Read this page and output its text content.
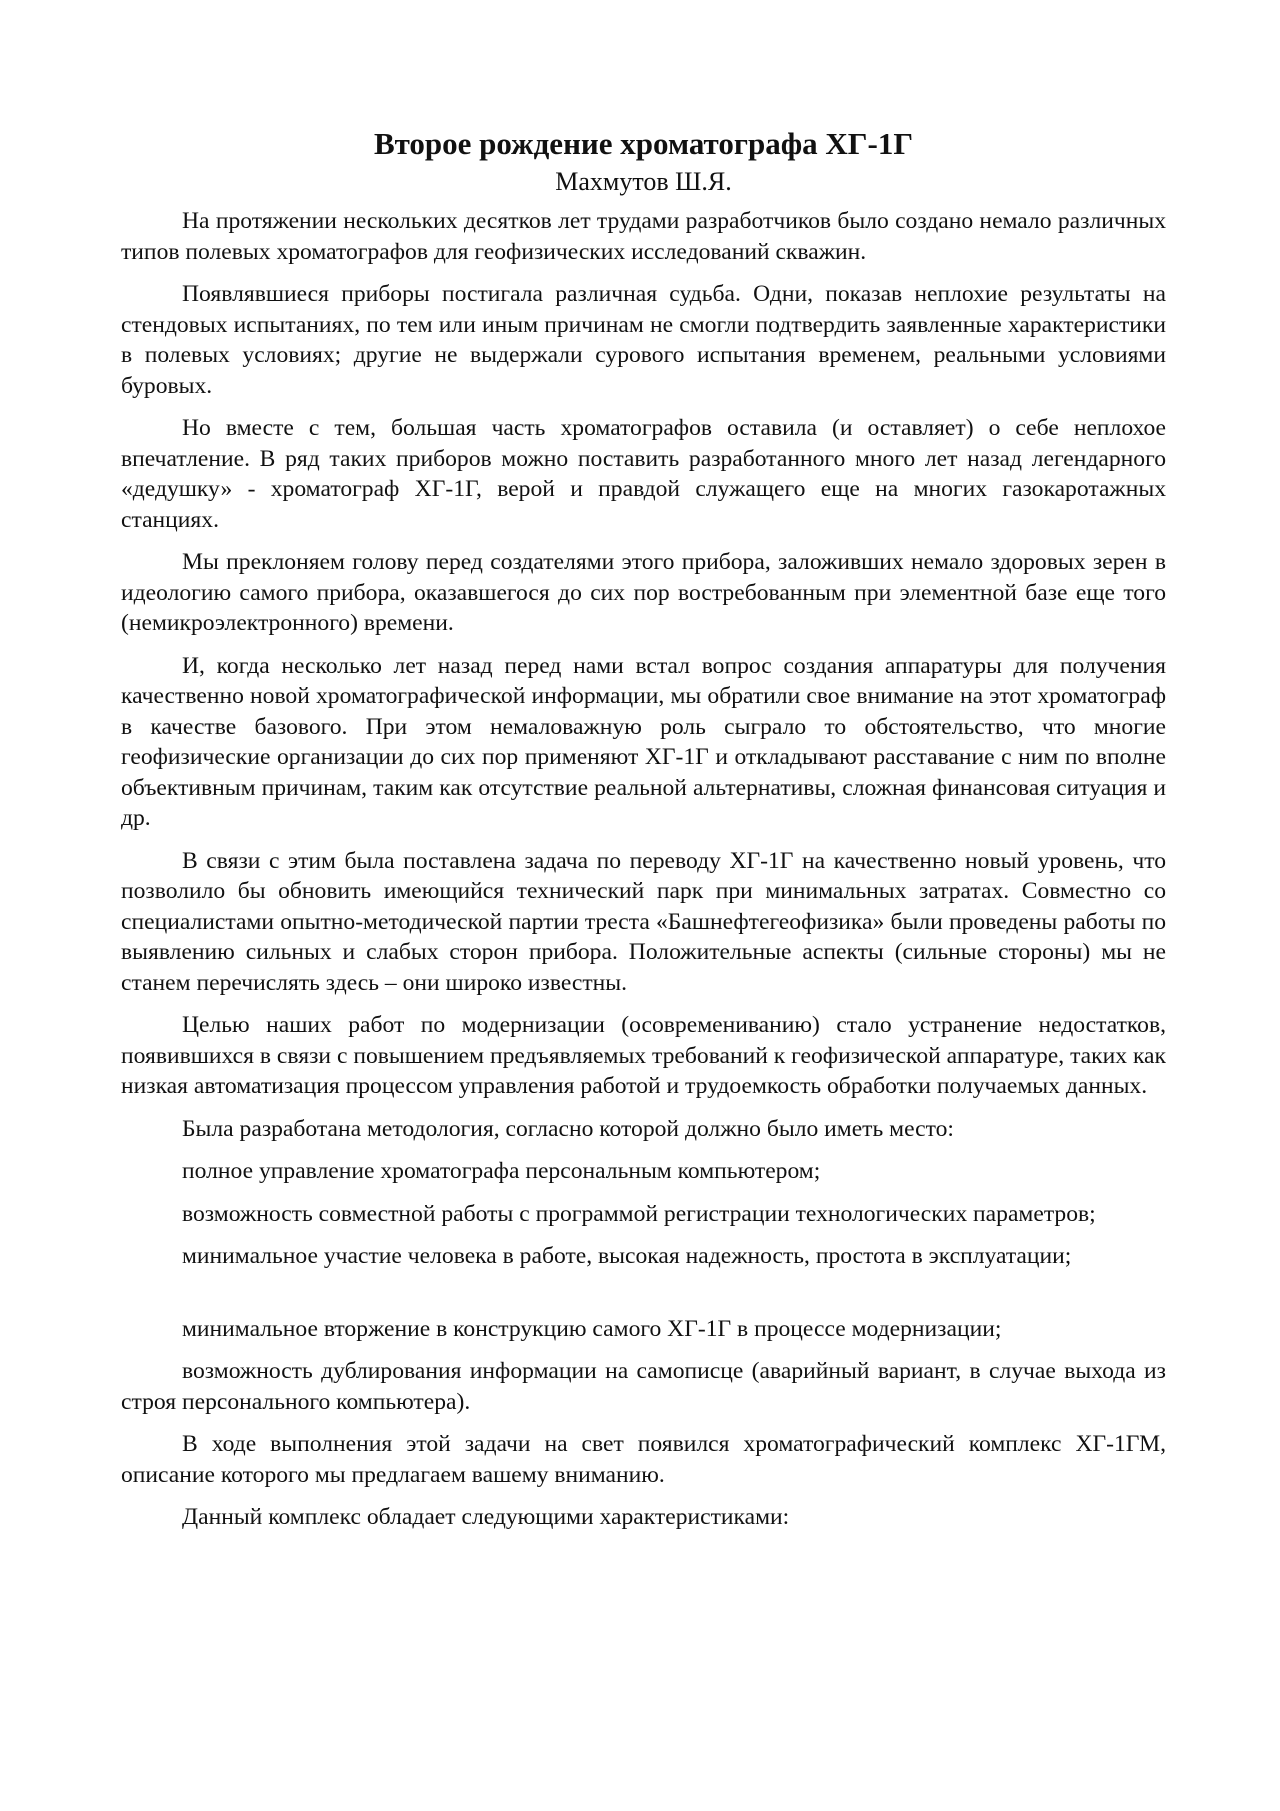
Второе рождение хроматографа ХГ-1Г
Махмутов Ш.Я.

На протяжении нескольких десятков лет трудами разработчиков было создано немало различных типов полевых хроматографов для геофизических исследований скважин.

Появлявшиеся приборы постигала различная судьба. Одни, показав неплохие результаты на стендовых испытаниях, по тем или иным причинам не смогли подтвердить заявленные характеристики в полевых условиях; другие не выдержали сурового испытания временем, реальными условиями буровых.

Но вместе с тем, большая часть хроматографов оставила (и оставляет) о себе неплохое впечатление. В ряд таких приборов можно поставить разработанного много лет назад легендарного «дедушку» - хроматограф ХГ-1Г, верой и правдой служащего еще на многих газокаротажных станциях.

Мы преклоняем голову перед создателями этого прибора, заложивших немало здоровых зерен в идеологию самого прибора, оказавшегося до сих пор востребованным при элементной базе еще того (немикроэлектронного) времени.

И, когда несколько лет назад перед нами встал вопрос создания аппаратуры для получения качественно новой хроматографической информации, мы обратили свое внимание на этот хроматограф в качестве базового. При этом немаловажную роль сыграло то обстоятельство, что многие геофизические организации до сих пор применяют ХГ-1Г и откладывают расставание с ним по вполне объективным причинам, таким как отсутствие реальной альтернативы, сложная финансовая ситуация и др.

В связи с этим была поставлена задача по переводу ХГ-1Г на качественно новый уровень, что позволило бы обновить имеющийся технический парк при минимальных затратах. Совместно со специалистами опытно-методической партии треста «Башнефтегеофизика» были проведены работы по выявлению сильных и слабых сторон прибора. Положительные аспекты (сильные стороны) мы не станем перечислять здесь – они широко известны.

Целью наших работ по модернизации (осовремениванию) стало устранение недостатков, появившихся в связи с повышением предъявляемых требований к геофизической аппаратуре, таких как низкая автоматизация процессом управления работой и трудоемкость обработки получаемых данных.

Была разработана методология, согласно которой должно было иметь место:

полное управление хроматографа персональным компьютером;

возможность совместной работы с программой регистрации технологических параметров;

минимальное участие человека в работе, высокая надежность, простота в эксплуатации;

минимальное вторжение в конструкцию самого ХГ-1Г в процессе модернизации;

возможность дублирования информации на самописце (аварийный вариант, в случае выхода из строя персонального компьютера).

В ходе выполнения этой задачи на свет появился хроматографический комплекс ХГ-1ГМ, описание которого мы предлагаем вашему вниманию.

Данный комплекс обладает следующими характеристиками:
